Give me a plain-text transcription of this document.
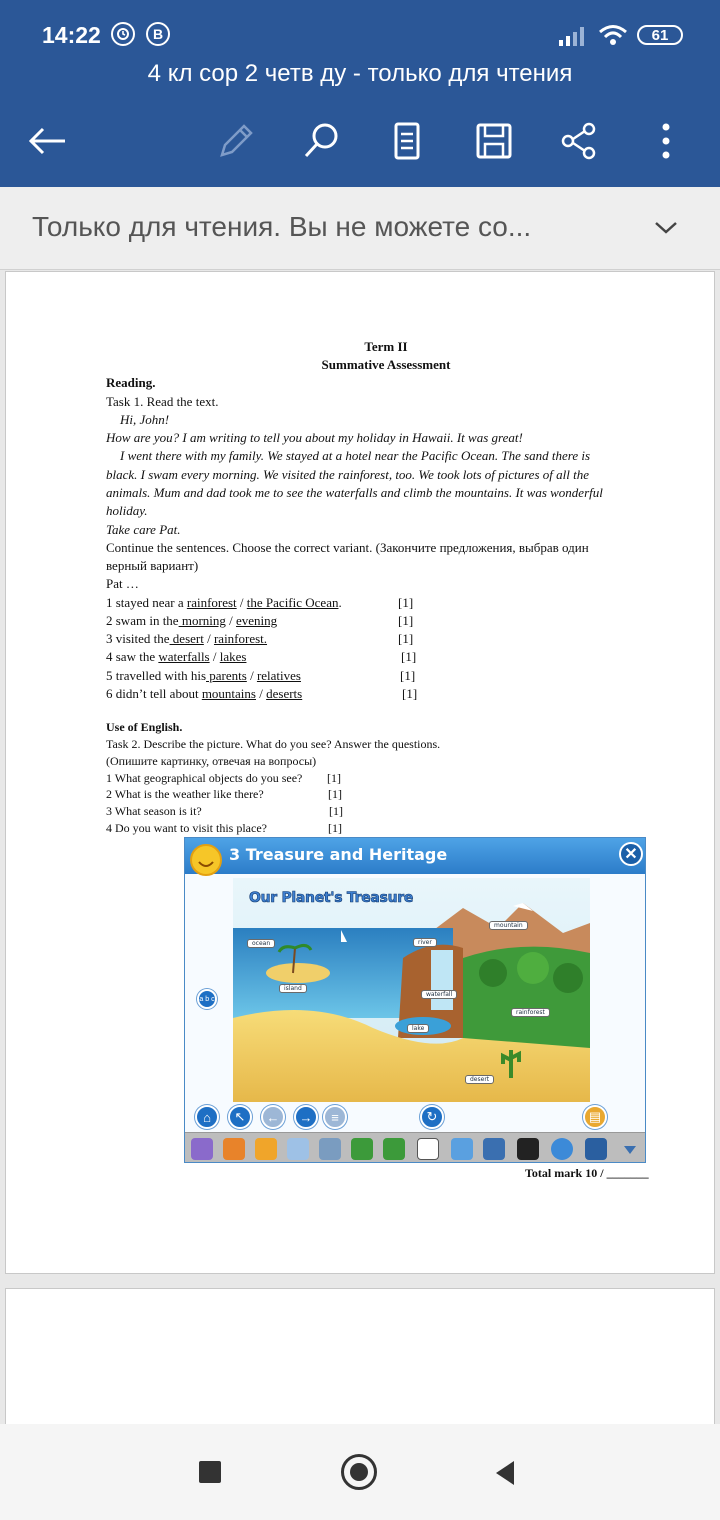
14:22	B	61
4 кл сор 2 четв ду - только для чтения
Только для чтения. Вы не можете со...
Term II
Summative Assessment
Reading.
Task 1. Read the text.
Hi, John!
How are you? I am writing to tell you about my holiday in Hawaii. It was great!
I went there with my family. We stayed at a hotel near the Pacific Ocean. The sand there is
black. I swam every morning. We visited the rainforest, too. We took lots of pictures of all the
animals. Mum and dad took me to see the waterfalls and climb the mountains. It was wonderful
holiday.
Take care Pat.
Continue the sentences. Choose the correct variant. (Закончите предложения, выбрав один
верный вариант)
Pat …
1 stayed near a rainforest / the Pacific Ocean.	[1]
2 swam in the morning / evening	[1]
3 visited the desert / rainforest.	[1]
4 saw the waterfalls / lakes	[1]
5 travelled with his parents / relatives	[1]
6 didn’t tell about mountains / deserts	[1]
Use of English.
Task 2. Describe the picture. What do you see? Answer the questions.
(Опишите картинку, отвечая на вопросы)
1 What geographical objects do you see? [1]
2 What is the weather like there?	[1]
3 What season is it?	[1]
4 Do you want to visit this place?	[1]
3 Treasure and Heritage	✕
a b c
Our Planet's Treasure
ocean	river
mountain
island
waterfall
rainforest
lake
desert
⌂	↖	←	→	≡	↻	▤
Total mark 10 / _______
